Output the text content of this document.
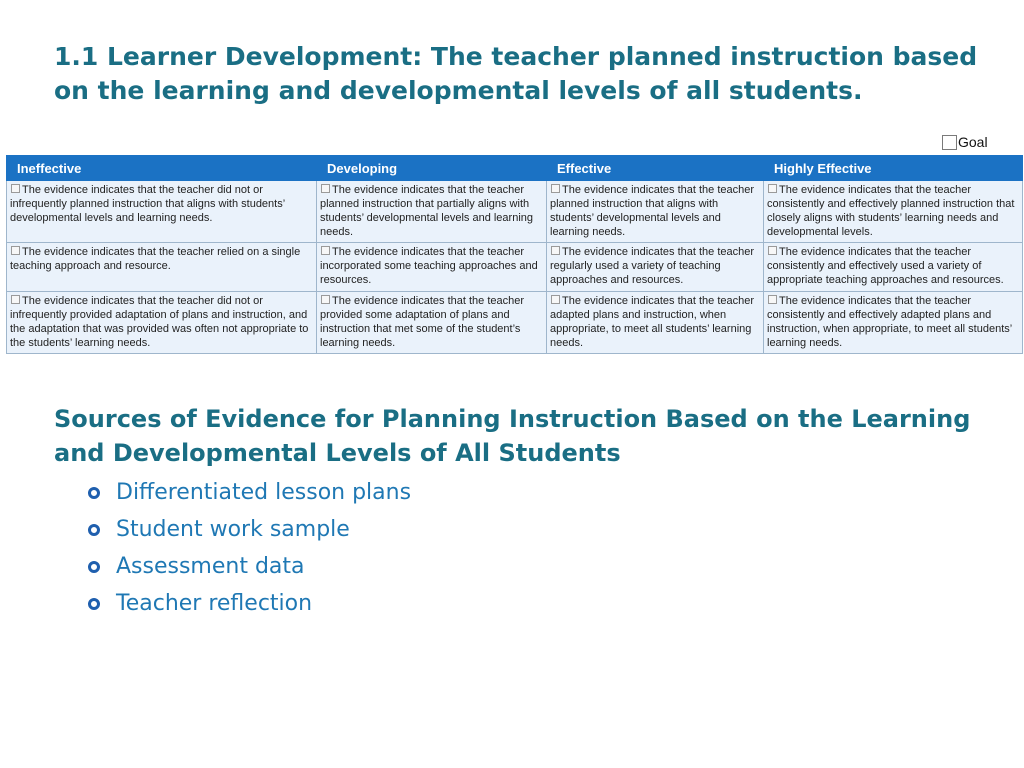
1.1 Learner Development: The teacher planned instruction based on the learning and developmental levels of all students.
Goal
Ineffective	Developing	Effective	Highly Effective
The evidence indicates that the teacher did not or infrequently planned instruction that aligns with students’ developmental levels and learning needs.	The evidence indicates that the teacher planned instruction that partially aligns with students’ developmental levels and learning needs.	The evidence indicates that the teacher planned instruction that aligns with students’ developmental levels and learning needs.	The evidence indicates that the teacher consistently and effectively planned instruction that closely aligns with students’ learning needs and developmental levels.
The evidence indicates that the teacher relied on a single teaching approach and resource.	The evidence indicates that the teacher incorporated some teaching approaches and resources.	The evidence indicates that the teacher regularly used a variety of teaching approaches and resources.	The evidence indicates that the teacher consistently and effectively used a variety of appropriate teaching approaches and resources.
The evidence indicates that the teacher did not or infrequently provided adaptation of plans and instruction, and the adaptation that was provided was often not appropriate to the students’ learning needs.	The evidence indicates that the teacher provided some adaptation of plans and instruction that met some of the student’s learning needs.	The evidence indicates that the teacher adapted plans and instruction, when appropriate, to meet all students’ learning needs.	The evidence indicates that the teacher consistently and effectively adapted plans and instruction, when appropriate, to meet all students’ learning needs.
Sources of Evidence for Planning Instruction Based on the Learning and Developmental Levels of All Students
Differentiated lesson plans
Student work sample
Assessment data
Teacher reflection
